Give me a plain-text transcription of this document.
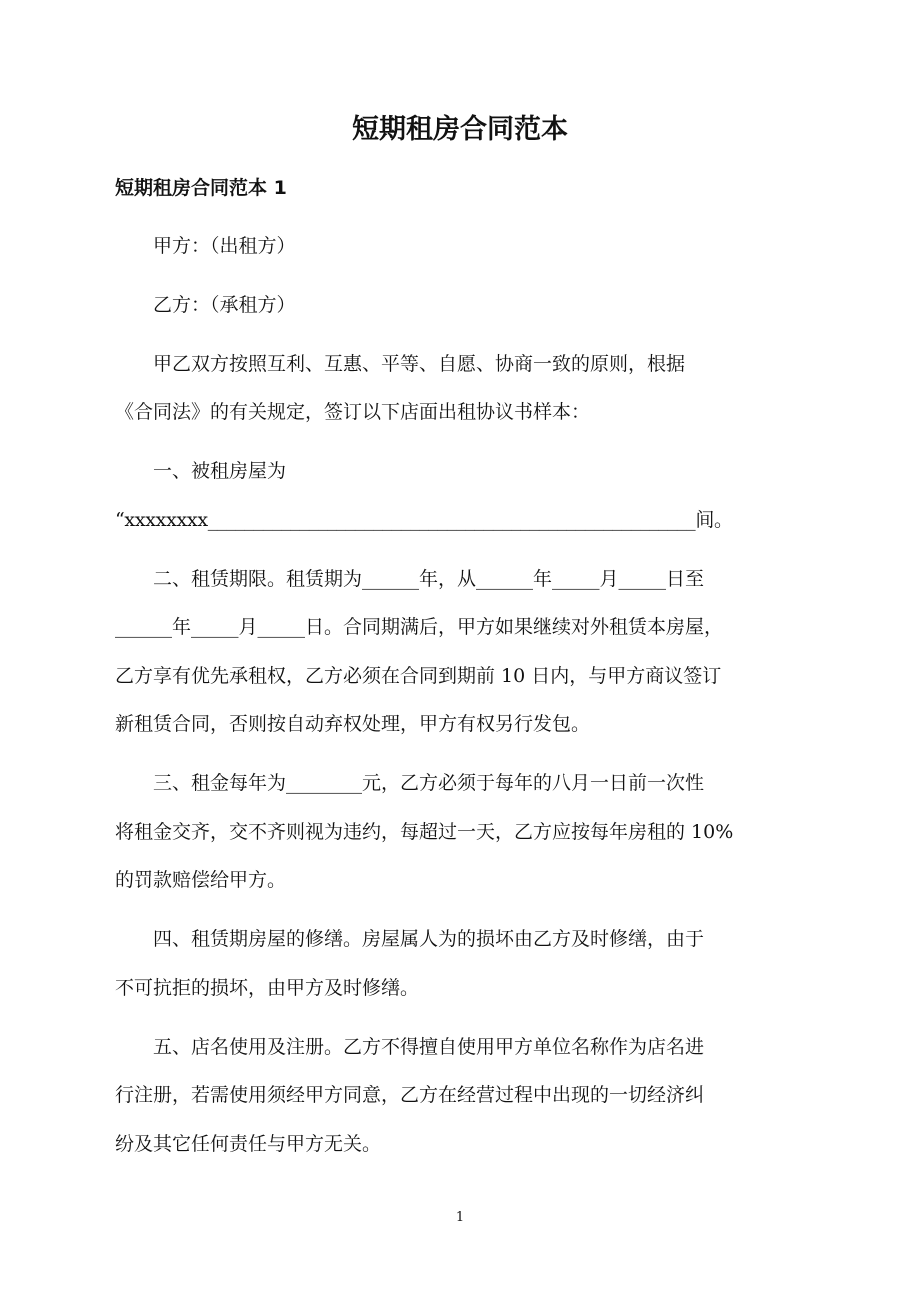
短期租房合同范本
短期租房合同范本 1
甲方：（出租方）
乙方：（承租方）
甲乙双方按照互利、互惠、平等、自愿、协商一致的原则，根据
《合同法》的有关规定，签订以下店面出租协议书样本：
一、被租房屋为
“xxxxxxxx_____________________________________________________间。
二、租赁期限。租赁期为______年，从______年_____月_____日至
______年_____月_____日。合同期满后，甲方如果继续对外租赁本房屋，
乙方享有优先承租权，乙方必须在合同到期前 10 日内，与甲方商议签订
新租赁合同，否则按自动弃权处理，甲方有权另行发包。
三、租金每年为________元，乙方必须于每年的八月一日前一次性
将租金交齐，交不齐则视为违约，每超过一天，乙方应按每年房租的 10%
的罚款赔偿给甲方。
四、租赁期房屋的修缮。房屋属人为的损坏由乙方及时修缮，由于
不可抗拒的损坏，由甲方及时修缮。
五、店名使用及注册。乙方不得擅自使用甲方单位名称作为店名进
行注册，若需使用须经甲方同意，乙方在经营过程中出现的一切经济纠
纷及其它任何责任与甲方无关。
1
